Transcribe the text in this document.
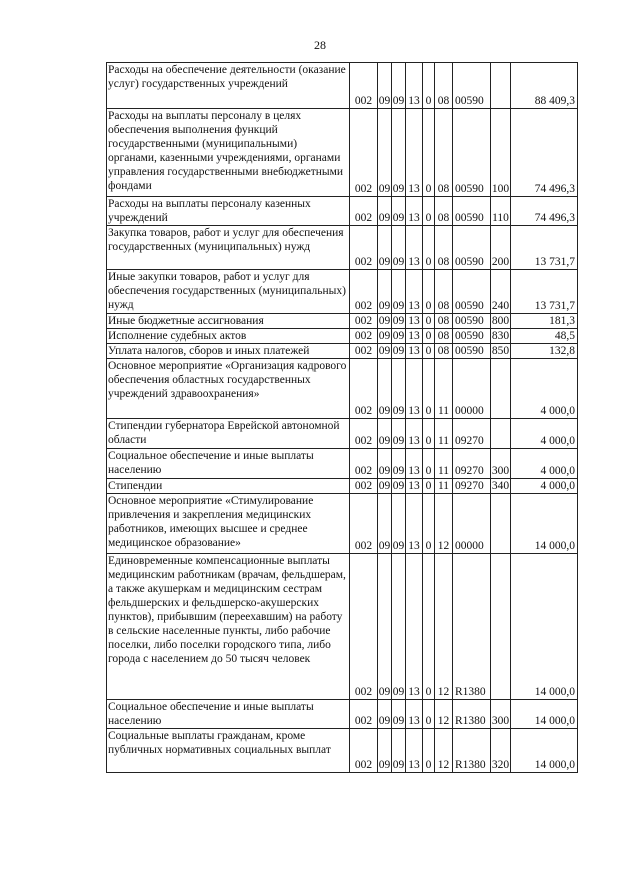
28
Расходы на обеспечение деятельности (оказание услуг) государственных учреждений	002	09	09	13	0	08	00590		88 409,3
Расходы на выплаты персоналу в целях обеспечения выполнения функций государственными (муниципальными) органами, казенными учреждениями, органами управления государственными внебюджетными фондами	002	09	09	13	0	08	00590	100	74 496,3
Расходы на выплаты персоналу казенных учреждений	002	09	09	13	0	08	00590	110	74 496,3
Закупка товаров, работ и услуг для обеспечения государственных (муниципальных) нужд	002	09	09	13	0	08	00590	200	13 731,7
Иные закупки товаров, работ и услуг для обеспечения государственных (муниципальных) нужд	002	09	09	13	0	08	00590	240	13 731,7
Иные бюджетные ассигнования	002	09	09	13	0	08	00590	800	181,3
Исполнение судебных актов	002	09	09	13	0	08	00590	830	48,5
Уплата налогов, сборов и иных платежей	002	09	09	13	0	08	00590	850	132,8
Основное мероприятие «Организация кадрового обеспечения областных государственных учреждений здравоохранения»	002	09	09	13	0	11	00000		4 000,0
Стипендии губернатора Еврейской автономной области	002	09	09	13	0	11	09270		4 000,0
Социальное обеспечение и иные выплаты населению	002	09	09	13	0	11	09270	300	4 000,0
Стипендии	002	09	09	13	0	11	09270	340	4 000,0
Основное мероприятие «Стимулирование привлечения и закрепления медицинских работников, имеющих высшее и среднее медицинское образование»	002	09	09	13	0	12	00000		14 000,0
Единовременные компенсационные выплаты медицинским работникам (врачам, фельдшерам, а также акушеркам и медицинским сестрам фельдшерских и фельдшерско-акушерских пунктов), прибывшим (переехавшим) на работу в сельские населенные пункты, либо рабочие поселки, либо поселки городского типа, либо города с населением до 50 тысяч человек	002	09	09	13	0	12	R1380		14 000,0
Социальное обеспечение и иные выплаты населению	002	09	09	13	0	12	R1380	300	14 000,0
Социальные выплаты гражданам, кроме публичных нормативных социальных выплат	002	09	09	13	0	12	R1380	320	14 000,0
